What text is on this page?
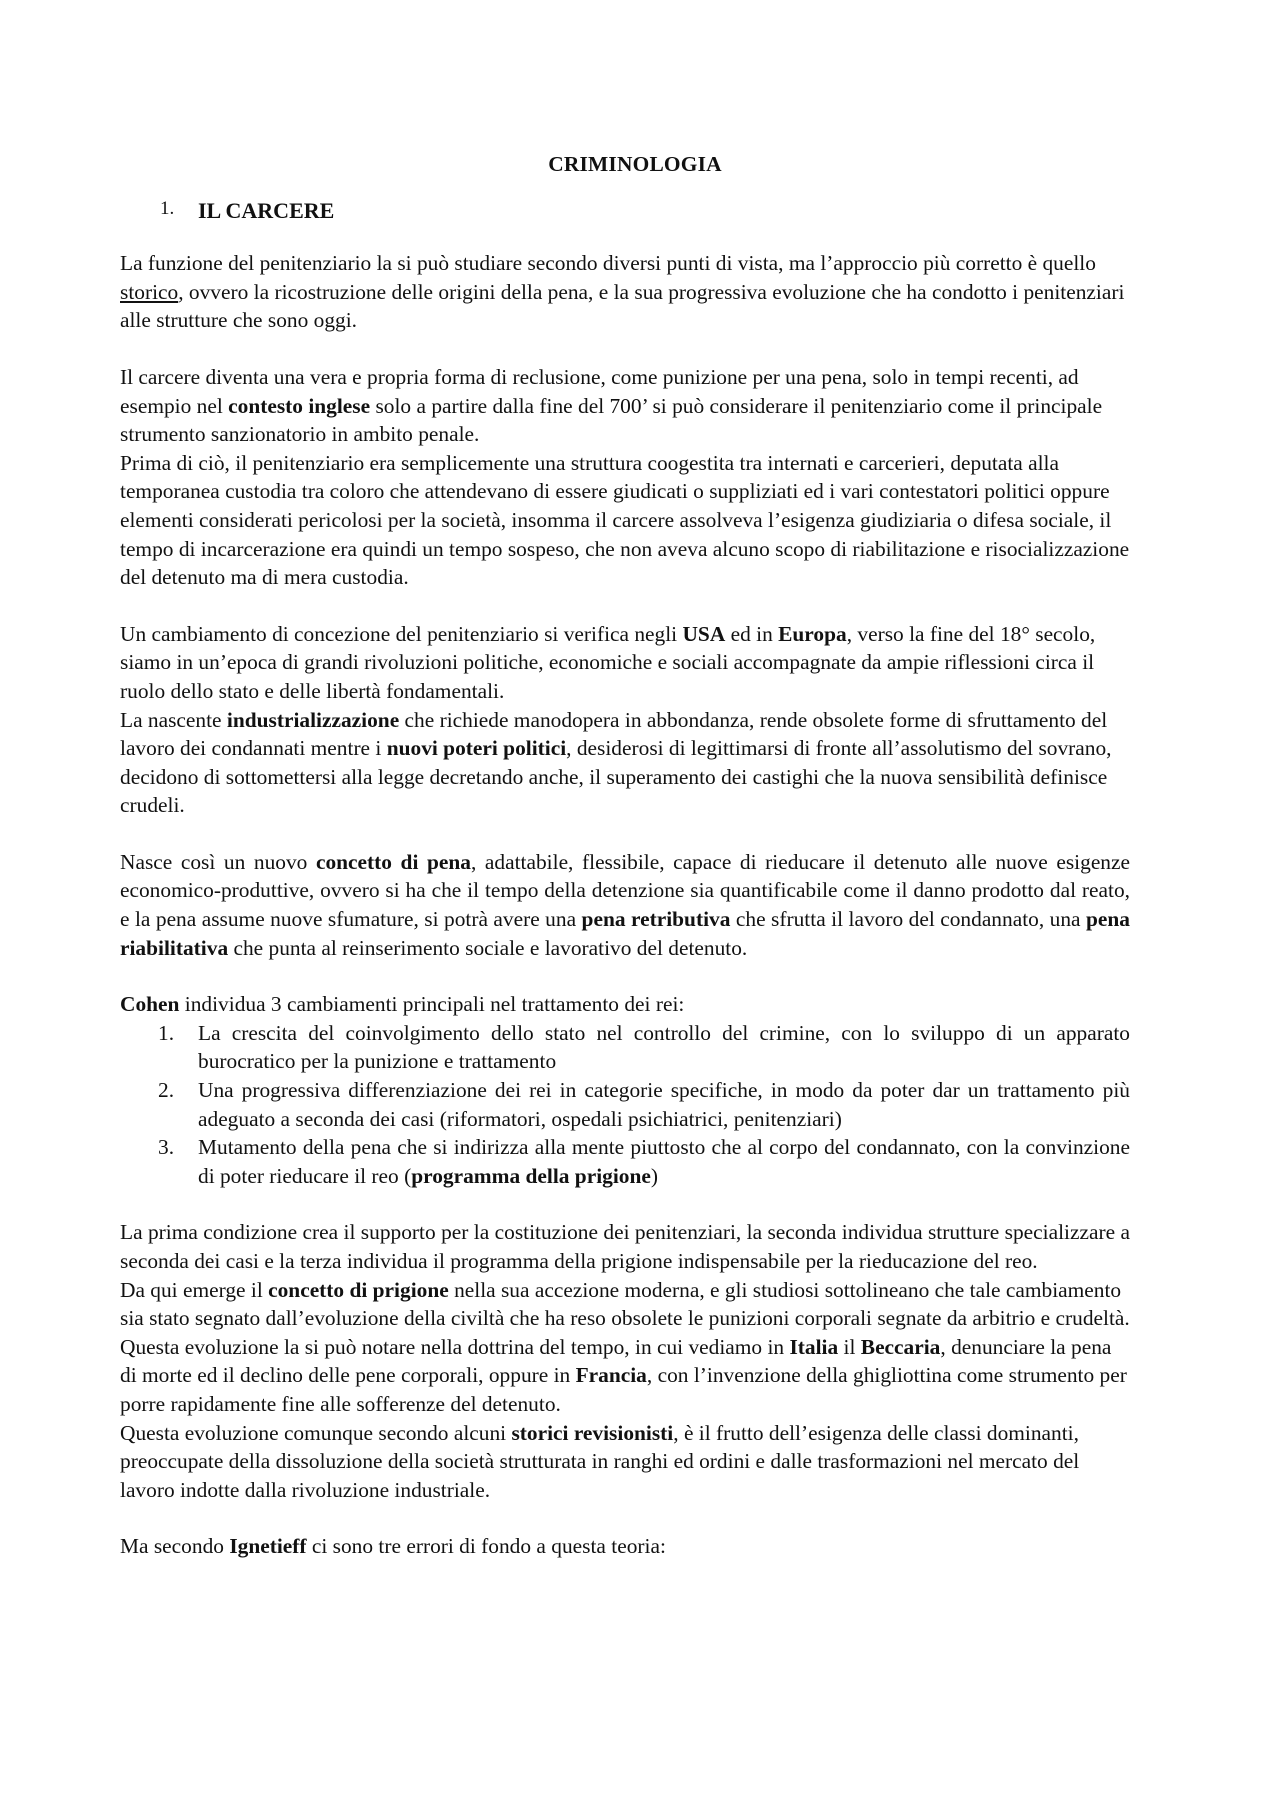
CRIMINOLOGIA
1. IL CARCERE

La funzione del penitenziario la si può studiare secondo diversi punti di vista, ma l’approccio più corretto è quello storico, ovvero la ricostruzione delle origini della pena, e la sua progressiva evoluzione che ha condotto i penitenziari alle strutture che sono oggi.

Il carcere diventa una vera e propria forma di reclusione, come punizione per una pena, solo in tempi recenti, ad esempio nel contesto inglese solo a partire dalla fine del 700’ si può considerare il penitenziario come il principale strumento sanzionatorio in ambito penale.

Prima di ciò, il penitenziario era semplicemente una struttura coogestita tra internati e carcerieri, deputata alla temporanea custodia tra coloro che attendevano di essere giudicati o suppliziati ed i vari contestatori politici oppure elementi considerati pericolosi per la società, insomma il carcere assolveva l’esigenza giudiziaria o difesa sociale, il tempo di incarcerazione era quindi un tempo sospeso, che non aveva alcuno scopo di riabilitazione e risocializzazione del detenuto ma di mera custodia.

Un cambiamento di concezione del penitenziario si verifica negli USA ed in Europa, verso la fine del 18° secolo, siamo in un’epoca di grandi rivoluzioni politiche, economiche e sociali accompagnate da ampie riflessioni circa il ruolo dello stato e delle libertà fondamentali.

La nascente industrializzazione che richiede manodopera in abbondanza, rende obsolete forme di sfruttamento del lavoro dei condannati mentre i nuovi poteri politici, desiderosi di legittimarsi di fronte all’assolutismo del sovrano, decidono di sottomettersi alla legge decretando anche, il superamento dei castighi che la nuova sensibilità definisce crudeli.

Nasce così un nuovo concetto di pena, adattabile, flessibile, capace di rieducare il detenuto alle nuove esigenze economico-produttive, ovvero si ha che il tempo della detenzione sia quantificabile come il danno prodotto dal reato, e la pena assume nuove sfumature, si potrà avere una pena retributiva che sfrutta il lavoro del condannato, una pena riabilitativa che punta al reinserimento sociale e lavorativo del detenuto.

Cohen individua 3 cambiamenti principali nel trattamento dei rei:

1. La crescita del coinvolgimento dello stato nel controllo del crimine, con lo sviluppo di un apparato burocratico per la punizione e trattamento
2. Una progressiva differenziazione dei rei in categorie specifiche, in modo da poter dar un trattamento più adeguato a seconda dei casi (riformatori, ospedali psichiatrici, penitenziari)
3. Mutamento della pena che si indirizza alla mente piuttosto che al corpo del condannato, con la convinzione di poter rieducare il reo (programma della prigione)

La prima condizione crea il supporto per la costituzione dei penitenziari, la seconda individua strutture specializzare a seconda dei casi e la terza individua il programma della prigione indispensabile per la rieducazione del reo.

Da qui emerge il concetto di prigione nella sua accezione moderna, e gli studiosi sottolineano che tale cambiamento sia stato segnato dall’evoluzione della civiltà che ha reso obsolete le punizioni corporali segnate da arbitrio e crudeltà.

Questa evoluzione la si può notare nella dottrina del tempo, in cui vediamo in Italia il Beccaria, denunciare la pena di morte ed il declino delle pene corporali, oppure in Francia, con l’invenzione della ghigliottina come strumento per porre rapidamente fine alle sofferenze del detenuto.

Questa evoluzione comunque secondo alcuni storici revisionisti, è il frutto dell’esigenza delle classi dominanti, preoccupate della dissoluzione della società strutturata in ranghi ed ordini e dalle trasformazioni nel mercato del lavoro indotte dalla rivoluzione industriale.

Ma secondo Ignetieff ci sono tre errori di fondo a questa teoria:
